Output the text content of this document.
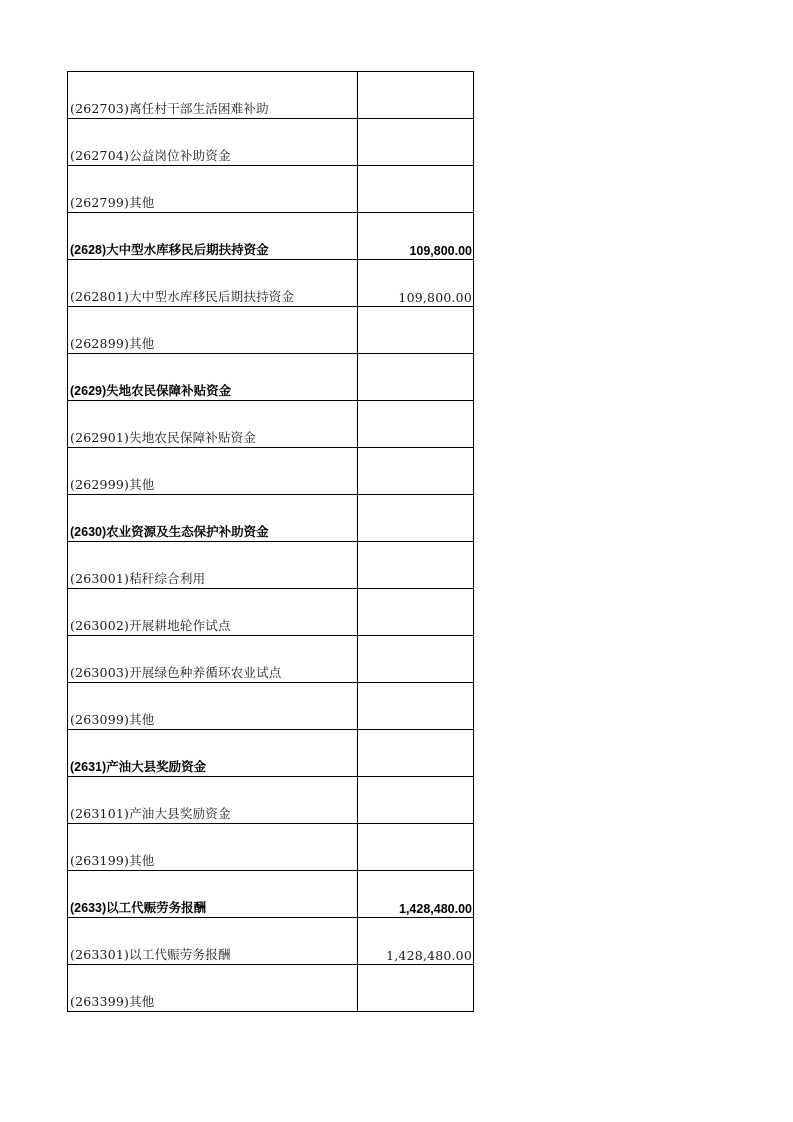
(262703)离任村干部生活困难补助	
(262704)公益岗位补助资金	
(262799)其他	
(2628)大中型水库移民后期扶持资金	109,800.00
(262801)大中型水库移民后期扶持资金	109,800.00
(262899)其他	
(2629)失地农民保障补贴资金	
(262901)失地农民保障补贴资金	
(262999)其他	
(2630)农业资源及生态保护补助资金	
(263001)秸秆综合利用	
(263002)开展耕地轮作试点	
(263003)开展绿色种养循环农业试点	
(263099)其他	
(2631)产油大县奖励资金	
(263101)产油大县奖励资金	
(263199)其他	
(2633)以工代赈劳务报酬	1,428,480.00
(263301)以工代赈劳务报酬	1,428,480.00
(263399)其他	
